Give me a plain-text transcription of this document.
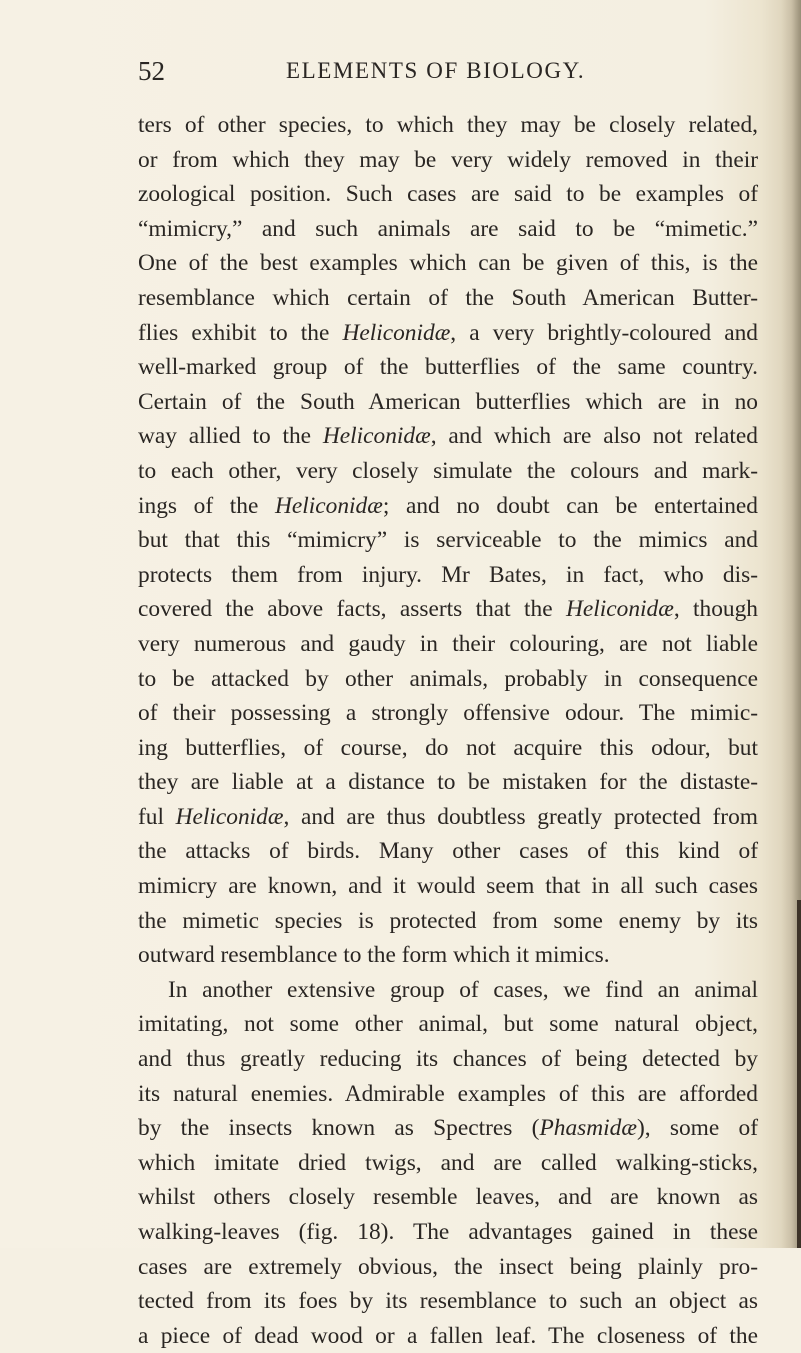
52	ELEMENTS OF BIOLOGY.
ters of other species, to which they may be closely related,
or from which they may be very widely removed in their
zoological position. Such cases are said to be examples of
“mimicry,” and such animals are said to be “mimetic.”
One of the best examples which can be given of this, is the
resemblance which certain of the South American Butter-
flies exhibit to the Heliconidæ, a very brightly-coloured and
well-marked group of the butterflies of the same country.
Certain of the South American butterflies which are in no
way allied to the Heliconidæ, and which are also not related
to each other, very closely simulate the colours and mark-
ings of the Heliconidæ; and no doubt can be entertained
but that this “mimicry” is serviceable to the mimics and
protects them from injury. Mr Bates, in fact, who dis-
covered the above facts, asserts that the Heliconidæ, though
very numerous and gaudy in their colouring, are not liable
to be attacked by other animals, probably in consequence
of their possessing a strongly offensive odour. The mimic-
ing butterflies, of course, do not acquire this odour, but
they are liable at a distance to be mistaken for the distaste-
ful Heliconidæ, and are thus doubtless greatly protected from
the attacks of birds. Many other cases of this kind of
mimicry are known, and it would seem that in all such cases
the mimetic species is protected from some enemy by its
outward resemblance to the form which it mimics.
In another extensive group of cases, we find an animal
imitating, not some other animal, but some natural object,
and thus greatly reducing its chances of being detected by
its natural enemies. Admirable examples of this are afforded
by the insects known as Spectres (Phasmidæ), some of
which imitate dried twigs, and are called walking-sticks,
whilst others closely resemble leaves, and are known as
walking-leaves (fig. 18). The advantages gained in these
cases are extremely obvious, the insect being plainly pro-
tected from its foes by its resemblance to such an object as
a piece of dead wood or a fallen leaf. The closeness of the
